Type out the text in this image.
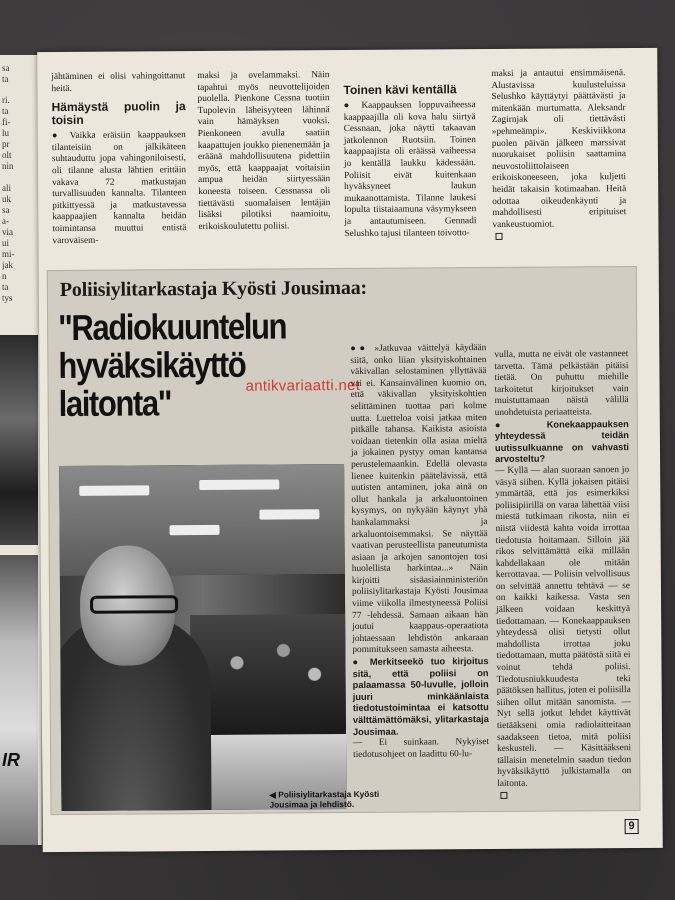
sa
ta

ri.
ta
fi-
lu
pr
olt
nin

ali
uk
sa
a-
via
ui
mi-
jak
n
ta
tys
IR

jähtäminen ei olisi vahingoittanut heitä.

Hämäystä puolin ja toisin

● Vaikka eräisiin kaappauksen tilanteisiin on jälkikäteen suhtauduttu jopa vahingoniloisesti, oli tilanne alusta lähtien erittäin vakava 72 matkustajan turvallisuuden kannalta. Tilanteen pitkittyessä ja matkustavessa kaappaajien kannalta heidän toimintansa muuttui entistä varovaisem-

maksi ja ovelammaksi. Näin tapahtui myös neuvottelijoiden puolella. Pienkone Cessna tuotiin Tupolevin läheisyyteen lähinnä vain hämäyksen vuoksi. Pienkoneen avulla saatiin kaapattujen joukko pienenemään ja eräänä mahdollisuutena pidettiin myös, että kaappaajat voitaisiin ampua heidän siirtyessään koneesta toiseen. Cessnassa oli tiettävästi suomalaisen lentäjän lisäksi pilotiksi naamioitu, erikoiskoulutettu poliisi.

Toinen kävi kentällä

● Kaappauksen loppuvaiheessa kaappaajilla oli kova halu siirtyä Cessnaan, joka näytti takaavan jatkolennon Ruotsiin. Toinen kaappaajista oli eräässä vaiheessa jo kentällä laukku kädessään. Poliisit eivät kuitenkaan hyväksyneet laukun mukaanottamista. Tilanne laukesi lopulta tiistaiaamuna väsymykseen ja antautumiseen. Gennadi Selushko tajusi tilanteen toivotto-

maksi ja antautui ensimmäisenä. Alustavissa kuulusteluissa Selushko käyttäytyi päättävästi ja mitenkään murtumatta. Aleksandr Zagirnjak oli tiettävästi »pehmeämpi». Keskiviikkona puolen päivän jälkeen marssivat nuorukaiset poliisin saattamina neuvostoliittolaiseen erikoiskoneeseen, joka kuljetti heidät takaisin kotimaahan. Heitä odottaa oikeudenkäynti ja mahdollisesti eripituiset vankeustuomiot.

Poliisiylitarkastaja Kyösti Jousimaa:
"Radiokuuntelun
hyväksikäyttö
laitonta"	antikvariaatti.net
◀ Poliisiylitarkastaja Kyösti Jousimaa ja lehdistö.

●● »Jatkuvaa väittelyä käydään siitä, onko liian yksityiskohtainen väkivallan selostaminen yllyttävää vai ei. Kansainvälinen kuomio on, että väkivallan yksityiskohtien selittäminen tuottaa pari kolme uutta. Luetteloa voisi jatkaa miten pitkälle tahansa. Kaikista asioista voidaan tietenkin olla asiaa mieltä ja jokainen pystyy oman kantansa perustelemaankin. Edellä olevasta lienee kuitenkin päätelävissä, että uutisten antaminen, joka ainä on ollut hankala ja arkaluontoinen kysymys, on nykyään käynyt yhä hankalammaksi ja arkaluontoisemmaksi. Se näyttää vaativan perusteellista paneutumista asiaan ja arkojen sanontojen tosi huolellista harkintaa...» Näin kirjoitti sisäasiainministeriön poliisiylitarkastaja Kyösti Jousimaa viime viikolla ilmestyneessä Poliisi 77 -lehdessä. Samaan aikaan hän joutui kaappaus-operaatiota johtaessaan lehdistön ankaraan pommitukseen samasta aiheesta.

● Merkitseekö tuo kirjoitus sitä, että poliisi on palaamassa 50-luvulle, jolloin juuri minkäänlaista tiedotustoimintaa ei katsottu välttämättömäksi, ylitarkastaja Jousimaa.

— Ei suinkaan. Nykyiset tiedotusohjeet on laadittu 60-lu-

vulla, mutta ne eivät ole vastanneet tarvetta. Tämä pelkästään pitäisi tietää. On puhuttu miehille tarkoitetut kirjoitukset vain muistuttamaan näistä välillä unohdetuista periaatteista.

● Konekaappauksen yhteydessä teidän uutissulkuanne on vahvasti arvosteltu?

— Kyllä — alan suoraan sanoen jo väsyä siihen. Kyllä jokaisen pitäisi ymmärtää, että jos esimerkiksi poliisipiirillä on varaa lähettää viisi miestä tutkimaan rikosta, niin ei niistä viidestä kahta voida irrottaa tiedotusta hoitamaan. Silloin jää rikos selvittämättä eikä millään kahdellakaan ole mitään kerrottavaa. — Poliisin velvollisuus on selvittää annettu tehtävä — se on kaikki kaikessa. Vasta sen jälkeen voidaan keskittyä tiedottamaan. — Konekaappauksen yhteydessä olisi tietysti ollut mahdollista irrottaa joku tiedottamaan, mutta päätöstä siitä ei voinut tehdä poliisi. Tiedotusniukkuudesta teki päätöksen hallitus, joten ei poliisilla siihen ollut mitään sanomista. — Nyt sellä jotkut lehdet käyttivät tietääkseni omia radiolaitteitaan saadakseen tietoa, mitä poliisi keskusteli. — Käsittääkseni tällaisin menetelmin saadun tiedon hyväksikäyttö julkistamalla on laitonta.

9
